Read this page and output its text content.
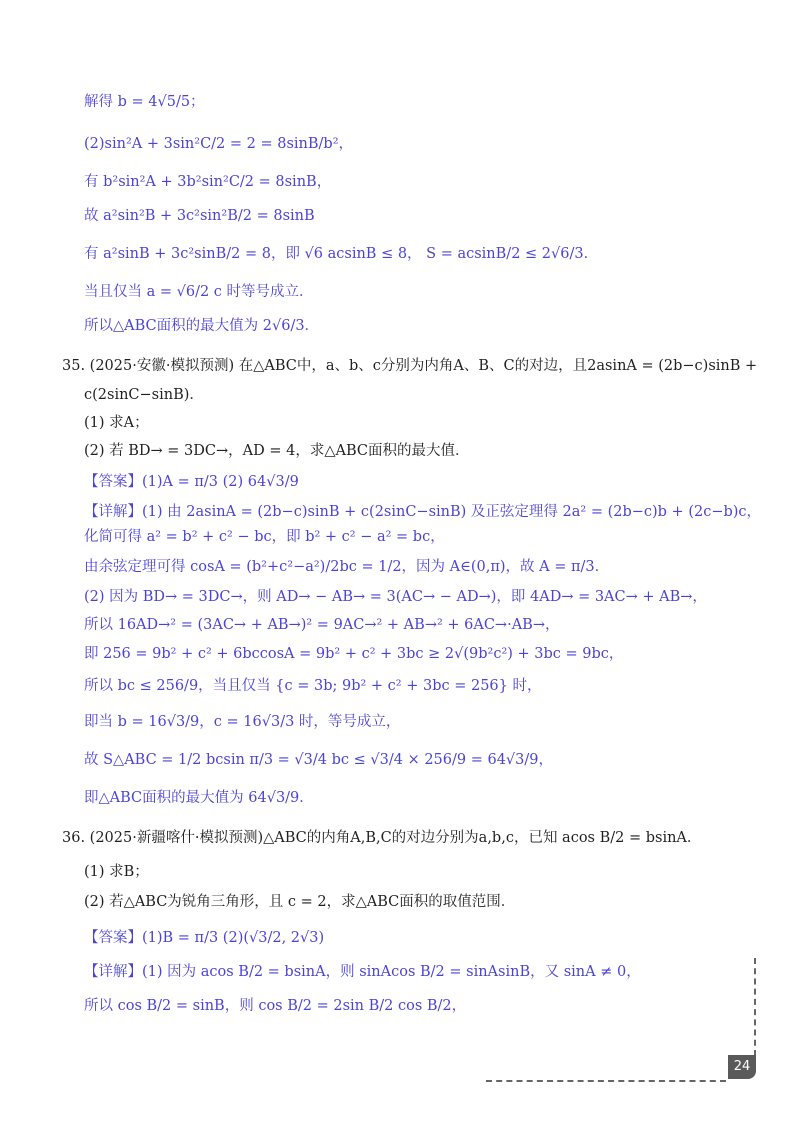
解得 b = 4√5/5；
(2)sin²A + 3sin²C/2 = 2 = 8sinB/b²，
有 b²sin²A + 3b²sin²C/2 = 8sinB，
故 a²sin²B + 3c²sin²B/2 = 8sinB
有 a²sinB + 3c²sinB/2 = 8，即 √6 acsinB ≤ 8， S = acsinB/2 ≤ 2√6/3．
当且仅当 a = √6/2 c 时等号成立．
所以△ABC面积的最大值为 2√6/3．
35. (2025·安徽·模拟预测) 在△ABC中，a、b、c分别为内角A、B、C的对边，且2asinA = (2b−c)sinB +
c(2sinC−sinB)．
(1) 求A；
(2) 若 BD→ = 3DC→，AD = 4，求△ABC面积的最大值．
【答案】(1)A = π/3 (2) 64√3/9
【详解】(1) 由 2asinA = (2b−c)sinB + c(2sinC−sinB) 及正弦定理得 2a² = (2b−c)b + (2c−b)c，
化简可得 a² = b² + c² − bc，即 b² + c² − a² = bc，
由余弦定理可得 cosA = (b²+c²−a²)/2bc = 1/2，因为 A∈(0,π)，故 A = π/3．
(2) 因为 BD→ = 3DC→，则 AD→ − AB→ = 3(AC→ − AD→)，即 4AD→ = 3AC→ + AB→，
所以 16AD→² = (3AC→ + AB→)² = 9AC→² + AB→² + 6AC→·AB→，
即 256 = 9b² + c² + 6bccosA = 9b² + c² + 3bc ≥ 2√(9b²c²) + 3bc = 9bc，
所以 bc ≤ 256/9，当且仅当 {c = 3b; 9b² + c² + 3bc = 256} 时，
即当 b = 16√3/9，c = 16√3/3 时，等号成立，
故 S△ABC = 1/2 bcsin π/3 = √3/4 bc ≤ √3/4 × 256/9 = 64√3/9，
即△ABC面积的最大值为 64√3/9．
36. (2025·新疆喀什·模拟预测)△ABC的内角A,B,C的对边分别为a,b,c，已知 acos B/2 = bsinA．
(1) 求B；
(2) 若△ABC为锐角三角形，且 c = 2，求△ABC面积的取值范围．
【答案】(1)B = π/3 (2)(√3/2, 2√3)
【详解】(1) 因为 acos B/2 = bsinA，则 sinAcos B/2 = sinAsinB，又 sinA ≠ 0，
所以 cos B/2 = sinB，则 cos B/2 = 2sin B/2 cos B/2，
24
